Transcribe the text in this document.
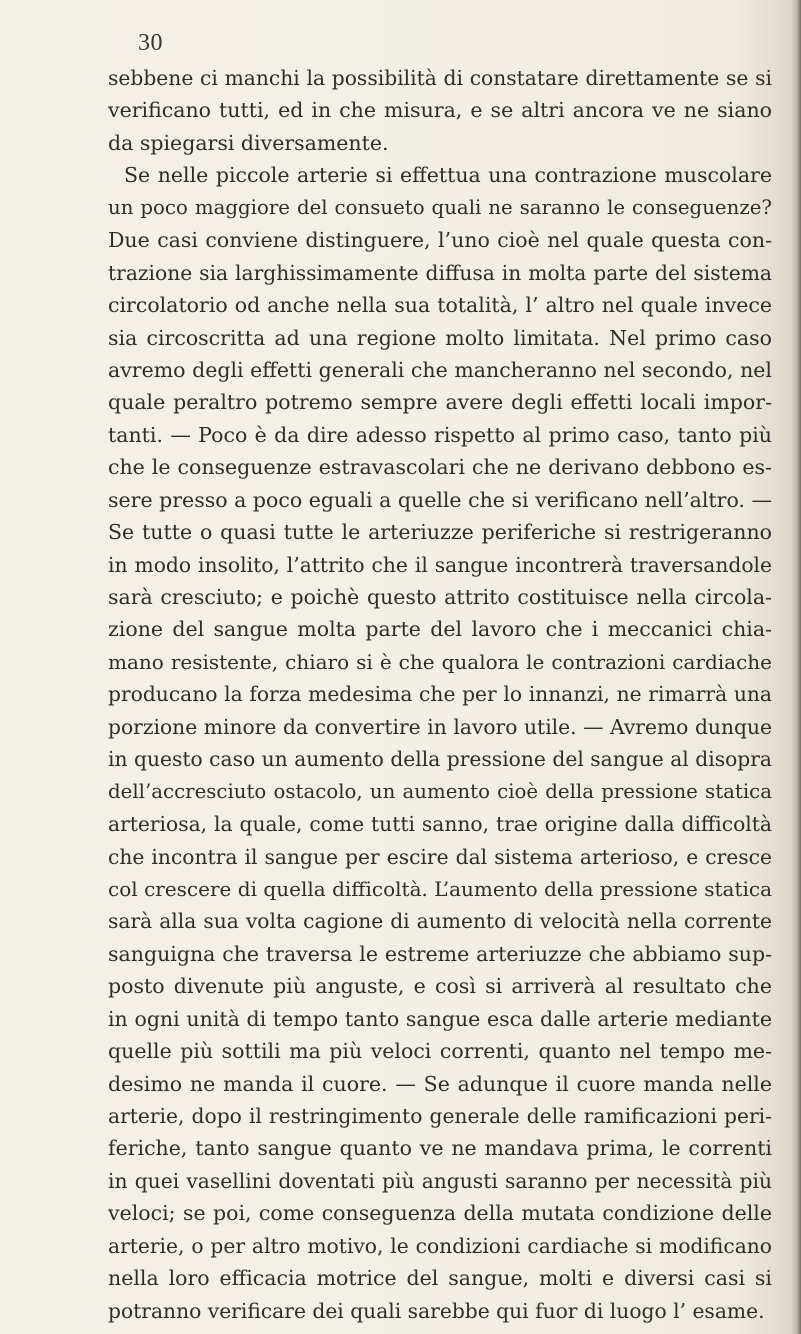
30
sebbene ci manchi la possibilità di constatare direttamente se si
verificano tutti, ed in che misura, e se altri ancora ve ne siano
da spiegarsi diversamente.
Se nelle piccole arterie si effettua una contrazione muscolare
un poco maggiore del consueto quali ne saranno le conseguenze?
Due casi conviene distinguere, l’uno cioè nel quale questa con-
trazione sia larghissimamente diffusa in molta parte del sistema
circolatorio od anche nella sua totalità, l’ altro nel quale invece
sia circoscritta ad una regione molto limitata. Nel primo caso
avremo degli effetti generali che mancheranno nel secondo, nel
quale peraltro potremo sempre avere degli effetti locali impor-
tanti. — Poco è da dire adesso rispetto al primo caso, tanto più
che le conseguenze estravascolari che ne derivano debbono es-
sere presso a poco eguali a quelle che si verificano nell’altro. —
Se tutte o quasi tutte le arteriuzze periferiche si restrigeranno
in modo insolito, l’attrito che il sangue incontrerà traversandole
sarà cresciuto; e poichè questo attrito costituisce nella circola-
zione del sangue molta parte del lavoro che i meccanici chia-
mano resistente, chiaro si è che qualora le contrazioni cardiache
producano la forza medesima che per lo innanzi, ne rimarrà una
porzione minore da convertire in lavoro utile. — Avremo dunque
in questo caso un aumento della pressione del sangue al disopra
dell’accresciuto ostacolo, un aumento cioè della pressione statica
arteriosa, la quale, come tutti sanno, trae origine dalla difficoltà
che incontra il sangue per escire dal sistema arterioso, e cresce
col crescere di quella difficoltà. L’aumento della pressione statica
sarà alla sua volta cagione di aumento di velocità nella corrente
sanguigna che traversa le estreme arteriuzze che abbiamo sup-
posto divenute più anguste, e così si arriverà al resultato che
in ogni unità di tempo tanto sangue esca dalle arterie mediante
quelle più sottili ma più veloci correnti, quanto nel tempo me-
desimo ne manda il cuore. — Se adunque il cuore manda nelle
arterie, dopo il restringimento generale delle ramificazioni peri-
feriche, tanto sangue quanto ve ne mandava prima, le correnti
in quei vasellini doventati più angusti saranno per necessità più
veloci; se poi, come conseguenza della mutata condizione delle
arterie, o per altro motivo, le condizioni cardiache si modificano
nella loro efficacia motrice del sangue, molti e diversi casi si
potranno verificare dei quali sarebbe qui fuor di luogo l’ esame.
